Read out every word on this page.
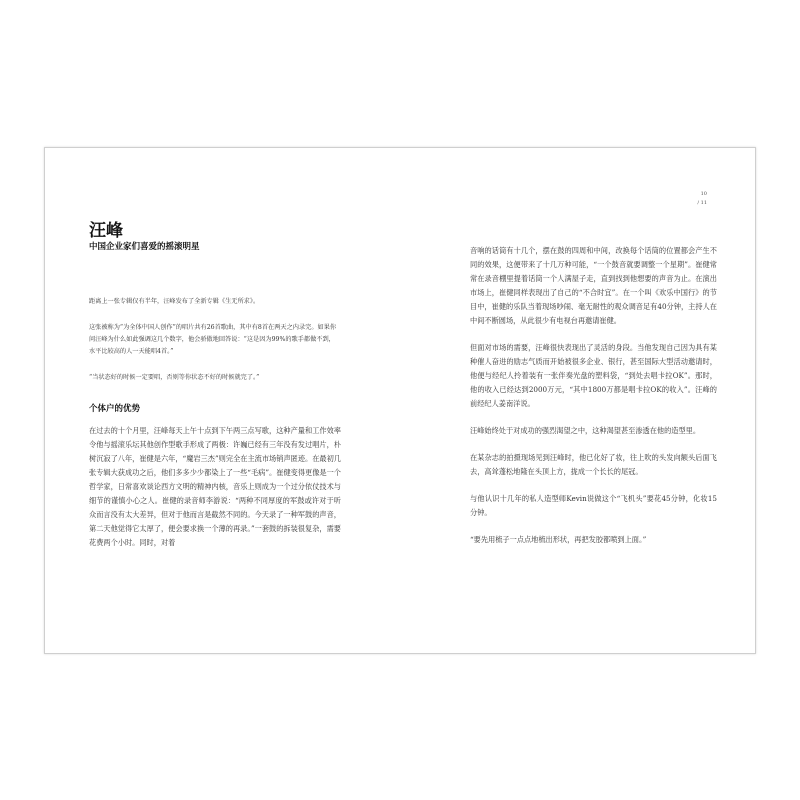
10
/ 11
汪峰
中国企业家们喜爱的摇滚明星

距离上一张专辑仅有半年，汪峰发布了全新专辑《生无所求》。

这张被称为“为全体中国人创作”的唱片共有26首歌曲，其中有8首在两天之内录完。如果你问汪峰为什么如此强调这几个数字，他会骄傲地回答说：“这是因为99%的歌手都做不到，水平比较高的人一天能唱4首。”

“当状态好的时候一定要唱，否则等你状态不好的时候就完了。”

个体户的优势

在过去的十个月里，汪峰每天上午十点到下午两三点写歌，这种产量和工作效率令他与摇滚乐坛其他创作型歌手形成了两极：许巍已经有三年没有发过唱片，朴树沉寂了八年，崔健是六年，“魔岩三杰”则完全在主流市场销声匿迹。在最初几张专辑大获成功之后，他们多多少少都染上了一些“毛病”。崔健变得更像是一个哲学家，日常喜欢谈论西方文明的精神内核，音乐上则成为一个过分依仗技术与细节的谨慎小心之人。崔健的录音师李游说：“两种不同厚度的军鼓或许对于听众而言没有太大差异，但对于他而言是截然不同的。今天录了一种军鼓的声音，第二天他觉得它太厚了，便会要求换一个薄的再录。”一套鼓的拆装很复杂，需要花费两个小时。同时，对着

音响的话筒有十几个，摆在鼓的四周和中间，改换每个话筒的位置都会产生不同的效果，这便带来了十几万种可能，“一个鼓音就要调整一个星期”。崔健常常在录音棚里提着话筒一个人满屋子走，直到找到他想要的声音为止。在演出市场上，崔健同样表现出了自己的“不合时宜”。在一个叫《欢乐中国行》的节目中，崔健的乐队当着现场吵闹、毫无耐性的观众调音足有40分钟，主持人在中间不断圆场，从此很少有电视台再邀请崔健。

但面对市场的需要，汪峰很快表现出了灵活的身段。当他发现自己因为具有某种催人奋进的励志气质而开始被很多企业、银行，甚至国际大型活动邀请时，他便与经纪人拎着装有一张伴奏光盘的塑料袋，“到处去唱卡拉OK”。那时，他的收入已经达到2000万元，“其中1800万都是唱卡拉OK的收入”。汪峰的前经纪人姜南洋说。

汪峰始终处于对成功的强烈渴望之中，这种渴望甚至渗透在他的造型里。

在某杂志的拍摄现场见到汪峰时，他已化好了妆，往上吹的头发向额头后面飞去，高耸蓬松地隆在头顶上方，拢成一个长长的尾冠。

与他认识十几年的私人造型师Kevin说做这个“飞机头”要花45分钟，化妆15分钟。

“要先用梳子一点点地梳出形状，再把发胶都喷到上面。”
